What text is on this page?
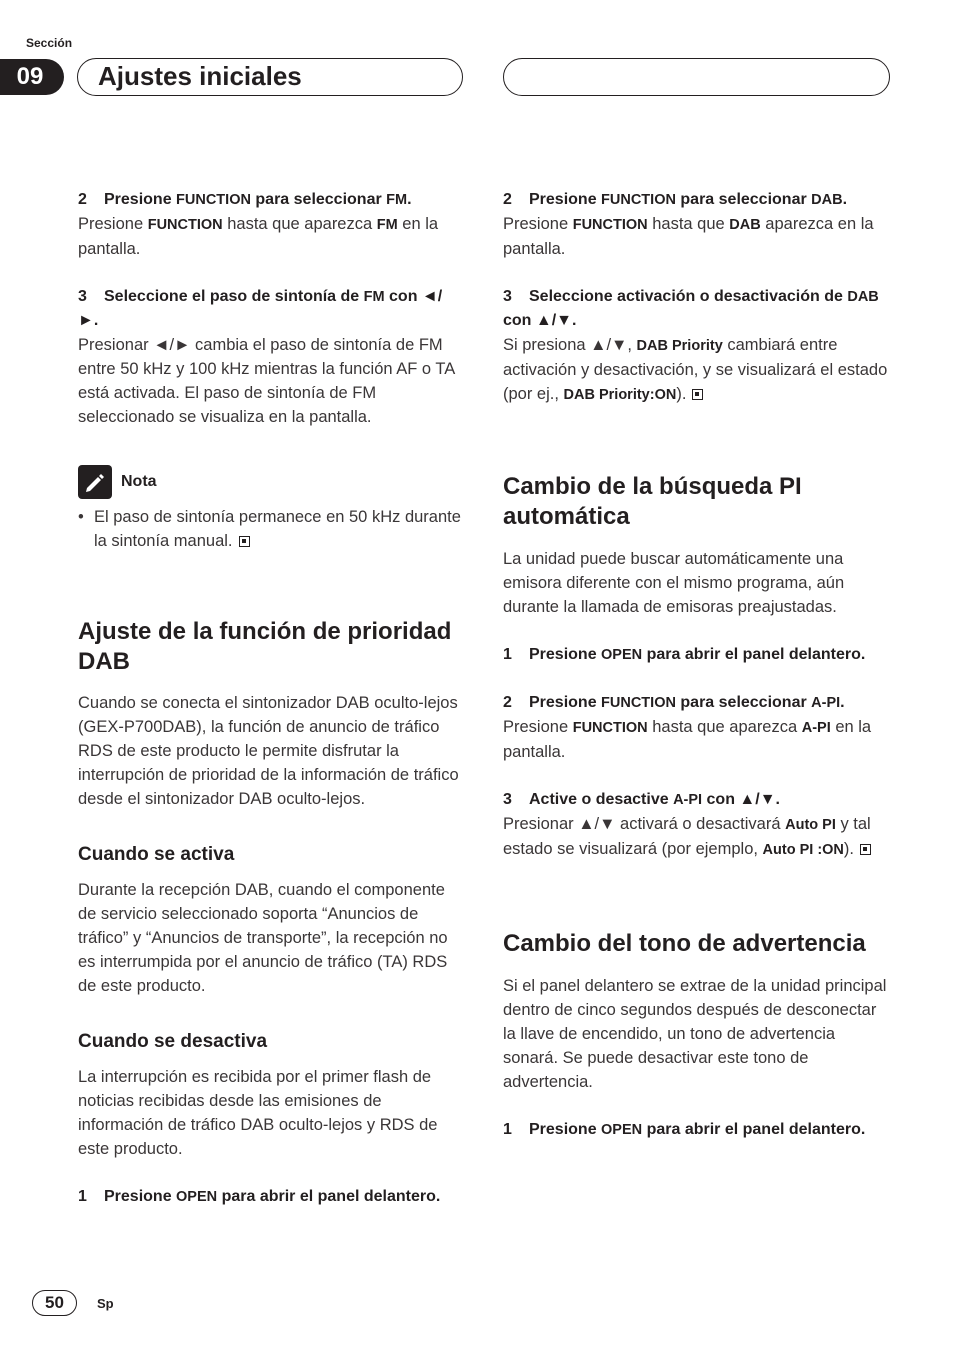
Sección
09	Ajustes iniciales

2 Presione FUNCTION para seleccionar FM.

Presione FUNCTION hasta que aparezca FM en la pantalla.

3 Seleccione el paso de sintonía de FM con ◄/►.

Presionar ◄/► cambia el paso de sintonía de FM entre 50 kHz y 100 kHz mientras la función AF o TA está activada. El paso de sintonía de FM seleccionado se visualiza en la pantalla.

Nota
• El paso de sintonía permanece en 50 kHz durante la sintonía manual.
Ajuste de la función de prioridad DAB

Cuando se conecta el sintonizador DAB oculto-lejos (GEX-P700DAB), la función de anuncio de tráfico RDS de este producto le permite disfrutar la interrupción de prioridad de la información de tráfico desde el sintonizador DAB oculto-lejos.

Cuando se activa

Durante la recepción DAB, cuando el componente de servicio seleccionado soporta “Anuncios de tráfico” y “Anuncios de transporte”, la recepción no es interrumpida por el anuncio de tráfico (TA) RDS de este producto.

Cuando se desactiva

La interrupción es recibida por el primer flash de noticias recibidas desde las emisiones de información de tráfico DAB oculto-lejos y RDS de este producto.

1 Presione OPEN para abrir el panel delantero.

2 Presione FUNCTION para seleccionar DAB.

Presione FUNCTION hasta que DAB aparezca en la pantalla.

3 Seleccione activación o desactivación de DAB con ▲/▼.

Si presiona ▲/▼, DAB Priority cambiará entre activación y desactivación, y se visualizará el estado (por ej., DAB Priority:ON).

Cambio de la búsqueda PI automática

La unidad puede buscar automáticamente una emisora diferente con el mismo programa, aún durante la llamada de emisoras preajustadas.

1 Presione OPEN para abrir el panel delantero.

2 Presione FUNCTION para seleccionar A-PI.

Presione FUNCTION hasta que aparezca A-PI en la pantalla.

3 Active o desactive A-PI con ▲/▼.

Presionar ▲/▼ activará o desactivará Auto PI y tal estado se visualizará (por ejemplo, Auto PI :ON).

Cambio del tono de advertencia

Si el panel delantero se extrae de la unidad principal dentro de cinco segundos después de desconectar la llave de encendido, un tono de advertencia sonará. Se puede desactivar este tono de advertencia.

1 Presione OPEN para abrir el panel delantero.

50	Sp
